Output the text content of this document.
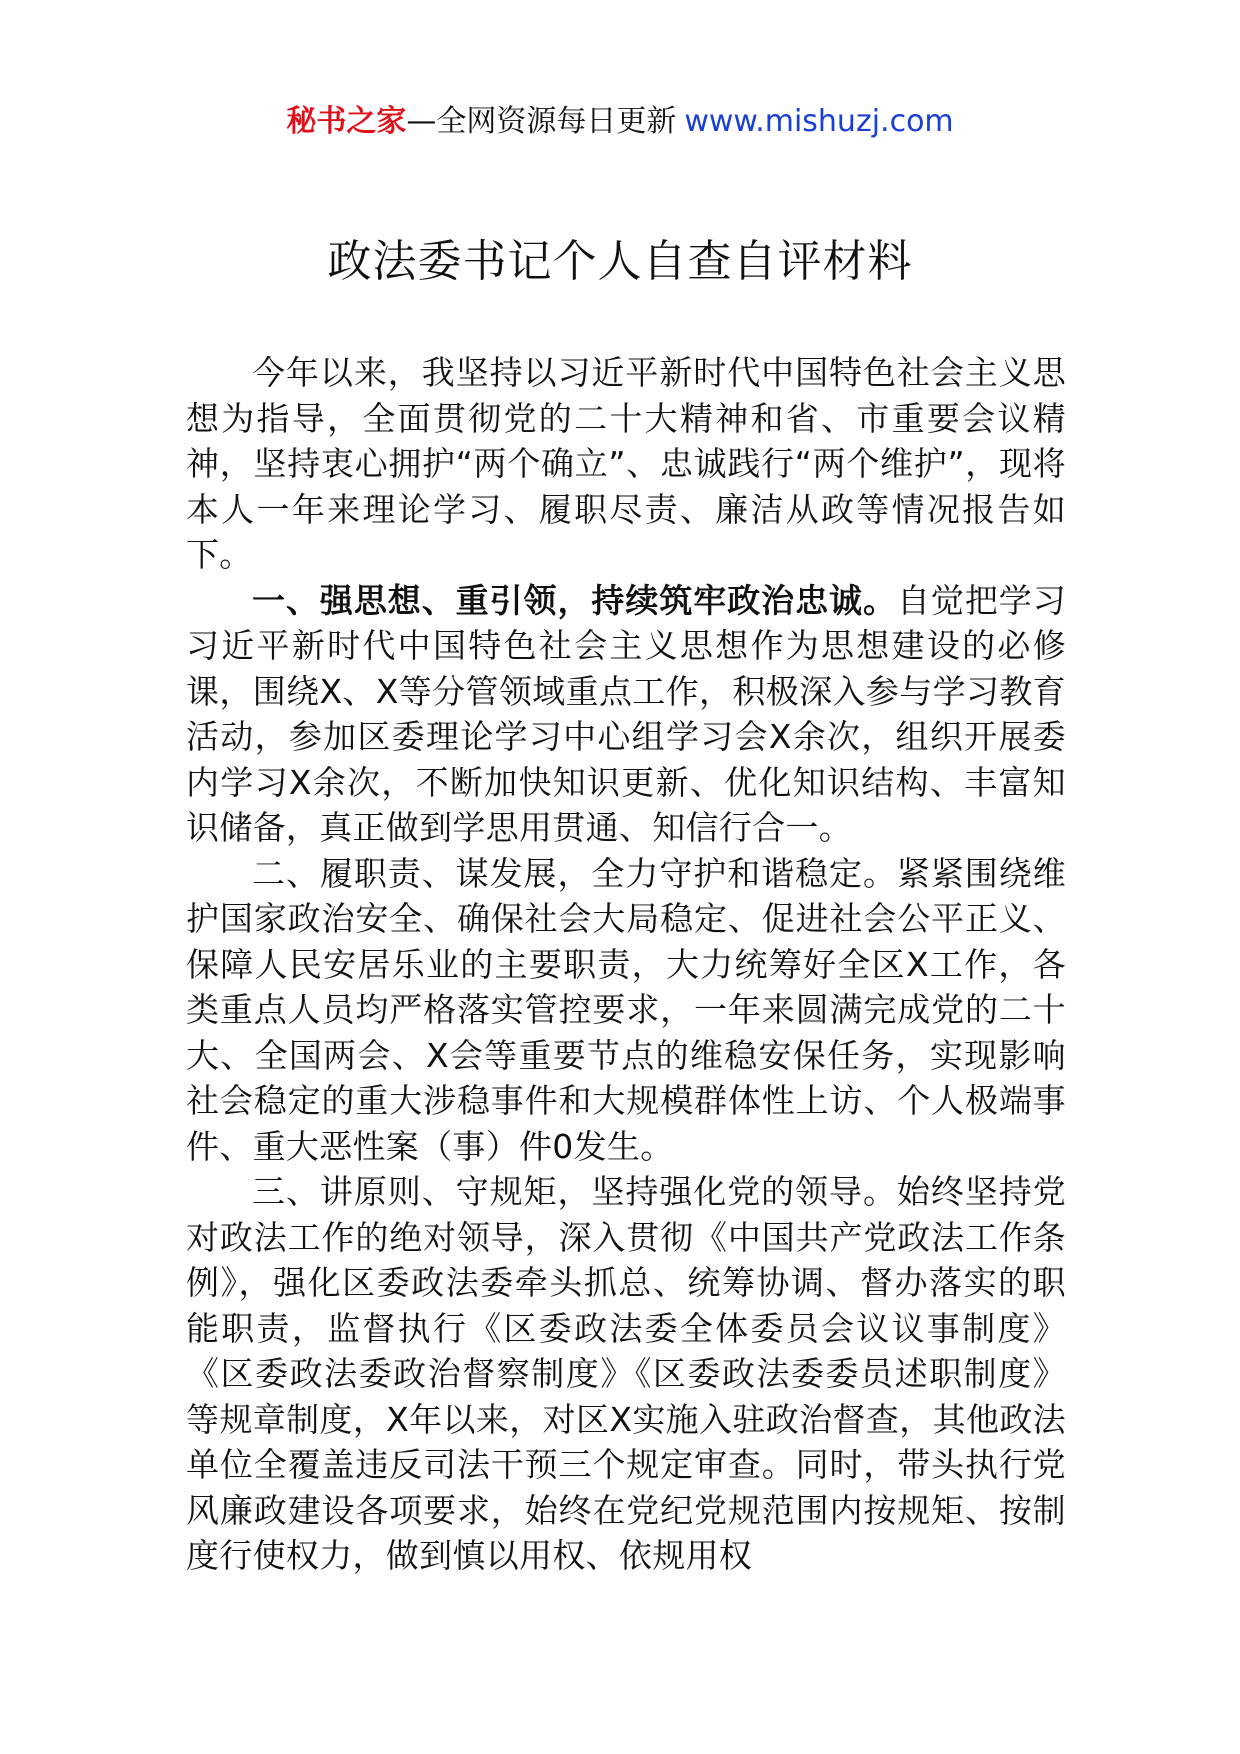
秘书之家—全网资源每日更新 www.mishuzj.com
政法委书记个人自查自评材料

今年以来，我坚持以习近平新时代中国特色社会主义思想为指导，全面贯彻党的二十大精神和省、市重要会议精神，坚持衷心拥护“两个确立”、忠诚践行“两个维护”，现将本人一年来理论学习、履职尽责、廉洁从政等情况报告如下。

一、强思想、重引领，持续筑牢政治忠诚。自觉把学习习近平新时代中国特色社会主义思想作为思想建设的必修课，围绕X、X等分管领域重点工作，积极深入参与学习教育活动，参加区委理论学习中心组学习会X余次，组织开展委内学习X余次，不断加快知识更新、优化知识结构、丰富知识储备，真正做到学思用贯通、知信行合一。

二、履职责、谋发展，全力守护和谐稳定。紧紧围绕维护国家政治安全、确保社会大局稳定、促进社会公平正义、保障人民安居乐业的主要职责，大力统筹好全区X工作，各类重点人员均严格落实管控要求，一年来圆满完成党的二十大、全国两会、X会等重要节点的维稳安保任务，实现影响社会稳定的重大涉稳事件和大规模群体性上访、个人极端事件、重大恶性案（事）件0发生。

三、讲原则、守规矩，坚持强化党的领导。始终坚持党对政法工作的绝对领导，深入贯彻《中国共产党政法工作条例》，强化区委政法委牵头抓总、统筹协调、督办落实的职能职责，监督执行《区委政法委全体委员会议议事制度》《区委政法委政治督察制度》《区委政法委委员述职制度》等规章制度，X年以来，对区X实施入驻政治督查，其他政法单位全覆盖违反司法干预三个规定审查。同时，带头执行党风廉政建设各项要求，始终在党纪党规范围内按规矩、按制度行使权力，做到慎以用权、依规用权
